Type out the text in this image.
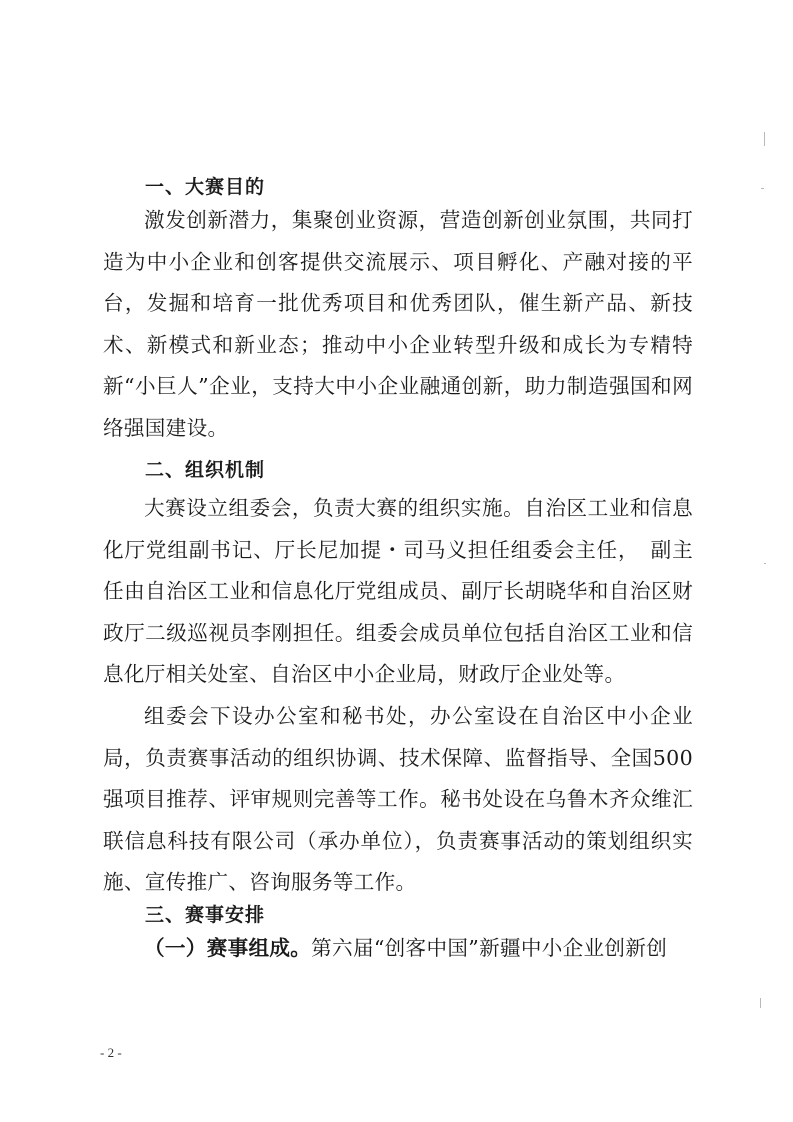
一、大赛目的
激发创新潜力，集聚创业资源，营造创新创业氛围，共同打造为中小企业和创客提供交流展示、项目孵化、产融对接的平台，发掘和培育一批优秀项目和优秀团队，催生新产品、新技术、新模式和新业态；推动中小企业转型升级和成长为专精特新“小巨人”企业，支持大中小企业融通创新，助力制造强国和网络强国建设。
二、组织机制
大赛设立组委会，负责大赛的组织实施。自治区工业和信息化厅党组副书记、厅长尼加提・司马义担任组委会主任，　副主任由自治区工业和信息化厅党组成员、副厅长胡晓华和自治区财政厅二级巡视员李刚担任。组委会成员单位包括自治区工业和信息化厅相关处室、自治区中小企业局，财政厅企业处等。
组委会下设办公室和秘书处，办公室设在自治区中小企业局，负责赛事活动的组织协调、技术保障、监督指导、全国500强项目推荐、评审规则完善等工作。秘书处设在乌鲁木齐众维汇联信息科技有限公司（承办单位），负责赛事活动的策划组织实施、宣传推广、咨询服务等工作。
三、赛事安排
（一）赛事组成。第六届“创客中国”新疆中小企业创新创
- 2 -
